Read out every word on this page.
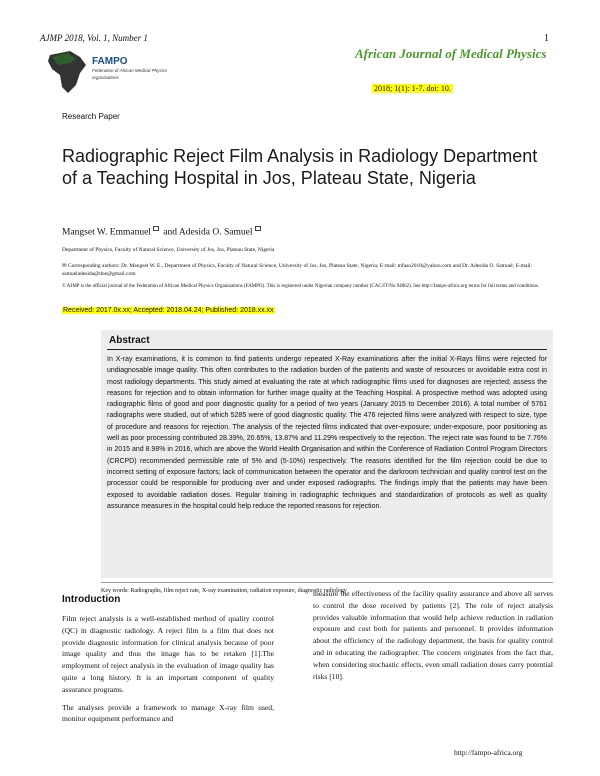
AJMP 2018, Vol. 1, Number 1	1
FAMPO
Federation of African Medical Physics organizations
African Journal of Medical Physics
2018; 1(1): 1-7. doi: 10.
Research Paper
Radiographic Reject Film Analysis in Radiology Department of a Teaching Hospital in Jos, Plateau State, Nigeria
Mangset W. Emmanuel and Adesida O. Samuel
Department of Physics, Faculty of Natural Science, University of Jos, Jos, Plateau State, Nigeria
✉ Corresponding authors: Dr. Mangset W. E., Department of Physics, Faculty of Natural Science, University of Jos, Jos, Plateau State, Nigeria; E-mail: mfaso2018@yahoo.com and Dr. Adesida O. Samuel; E-mail: samueladesida@doe@gmail.com
© AJMP is the official journal of the Federation of African Medical Physics Organizations (FAMPO). This is registered under Nigerian company number (CAC/IT/No 94862). See http://fampo-africa.org terms for full terms and conditions.
Received: 2017.0x.xx; Accepted: 2018.04.24; Published: 2018.xx.xx
Abstract
In X-ray examinations, it is common to find patients undergo repeated X-Ray examinations after the initial X-Rays films were rejected for undiagnosable image quality. This often contributes to the radiation burden of the patients and waste of resources or avoidable extra cost in most radiology departments. This study aimed at evaluating the rate at which radiographic films used for diagnoses are rejected; assess the reasons for rejection and to obtain information for further image quality at the Teaching Hospital. A prospective method was adopted using radiographic films of good and poor diagnostic quality for a period of two years (January 2015 to December 2016). A total number of 5761 radiographs were studied, out of which 5285 were of good diagnostic quality. The 476 rejected films were analyzed with respect to size, type of procedure and reasons for rejection. The analysis of the rejected films indicated that over-exposure; under-exposure, poor positioning as well as poor processing contributed 28.39%, 20.65%, 13.87% and 11.29% respectively to the rejection. The reject rate was found to be 7.76% in 2015 and 8.98% in 2016, which are above the World Health Organisation and within the Conference of Radiation Control Program Directors (CRCPD) recommended permissible rate of 5% and (5-10%) respectively. The reasons identified for the film rejection could be due to incorrect setting of exposure factors; lack of communication between the operator and the darkroom technician and quality control test on the processor could be responsible for producing over and under exposed radiographs. The findings imply that the patients may have been exposed to avoidable radiation doses. Regular training in radiographic techniques and standardization of protocols as well as quality assurance measures in the hospital could help reduce the reported reasons for rejection.
Key words: Radiographs, film reject rate, X-ray examination, radiation exposure, diagnostic radiology
Introduction

Film reject analysis is a well-established method of quality control (QC) in diagnostic radiology. A reject film is a film that does not provide diagnostic information for clinical analysis because of poor image quality and thus the image has to be retaken [1].The employment of reject analysis in the evaluation of image quality has quite a long history. It is an important component of quality assurance programs.

The analyses provide a framework to manage X-ray film used, monitor equipment performance and

measure the effectiveness of the facility quality assurance and above all serves to control the dose received by patients [2]. The role of reject analysis provides valuable information that would help achieve reduction in radiation exposure and cost both for patients and personnel. It provides information about the efficiency of the radiology department, the basis for quality control and in educating the radiographer. The concern originates from the fact that, when considering stochastic effects, even small radiation doses carry potential risks [10].

http://fampo-africa.org
